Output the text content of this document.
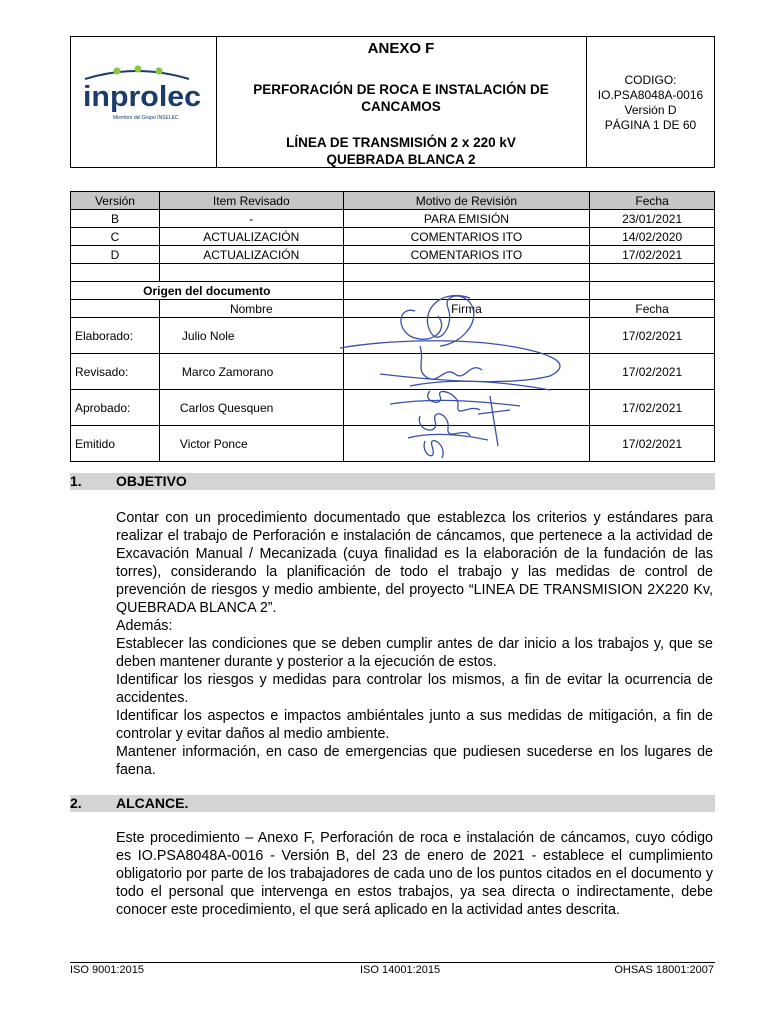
inprolec
Miembro del Grupo INSELEC
ANEXO F
PERFORACIÓN DE ROCA E INSTALACIÓN DE
CANCAMOS
LÍNEA DE TRANSMISIÓN 2 x 220 kV
QUEBRADA BLANCA 2
CODIGO:
IO.PSA8048A-0016
Versión D
PÁGINA 1 DE 60
Versión	Item Revisado	Motivo de Revisión	Fecha
B	-	PARA EMISIÓN	23/01/2021
C	ACTUALIZACIÓN	COMENTARIOS ITO	14/02/2020
D	ACTUALIZACIÓN	COMENTARIOS ITO	17/02/2021

Origen del documento			
	Nombre	Firma	Fecha
Elaborado:	Julio Nole		17/02/2021
Revisado:	Marco Zamorano		17/02/2021
Aprobado:	Carlos Quesquen		17/02/2021
Emitido	Victor Ponce		17/02/2021
1. OBJETIVO

Contar con un procedimiento documentado que establezca los criterios y estándares para realizar el trabajo de Perforación e instalación de cáncamos, que pertenece a la actividad de Excavación Manual / Mecanizada (cuya finalidad es la elaboración de la fundación de las torres), considerando la planificación de todo el trabajo y las medidas de control de prevención de riesgos y medio ambiente, del proyecto “LINEA DE TRANSMISION 2X220 Kv, QUEBRADA BLANCA 2”.

Además:

Establecer las condiciones que se deben cumplir antes de dar inicio a los trabajos y, que se deben mantener durante y posterior a la ejecución de estos.

Identificar los riesgos y medidas para controlar los mismos, a fin de evitar la ocurrencia de accidentes.

Identificar los aspectos e impactos ambiéntales junto a sus medidas de mitigación, a fin de controlar y evitar daños al medio ambiente.

Mantener información, en caso de emergencias que pudiesen sucederse en los lugares de faena.

2. ALCANCE.

Este procedimiento – Anexo F, Perforación de roca e instalación de cáncamos, cuyo código es IO.PSA8048A-0016 - Versión B, del 23 de enero de 2021 - establece el cumplimiento obligatorio por parte de los trabajadores de cada uno de los puntos citados en el documento y todo el personal que intervenga en estos trabajos, ya sea directa o indirectamente, debe conocer este procedimiento, el que será aplicado en la actividad antes descrita.

ISO 9001:2015	ISO 14001:2015	OHSAS 18001:2007
